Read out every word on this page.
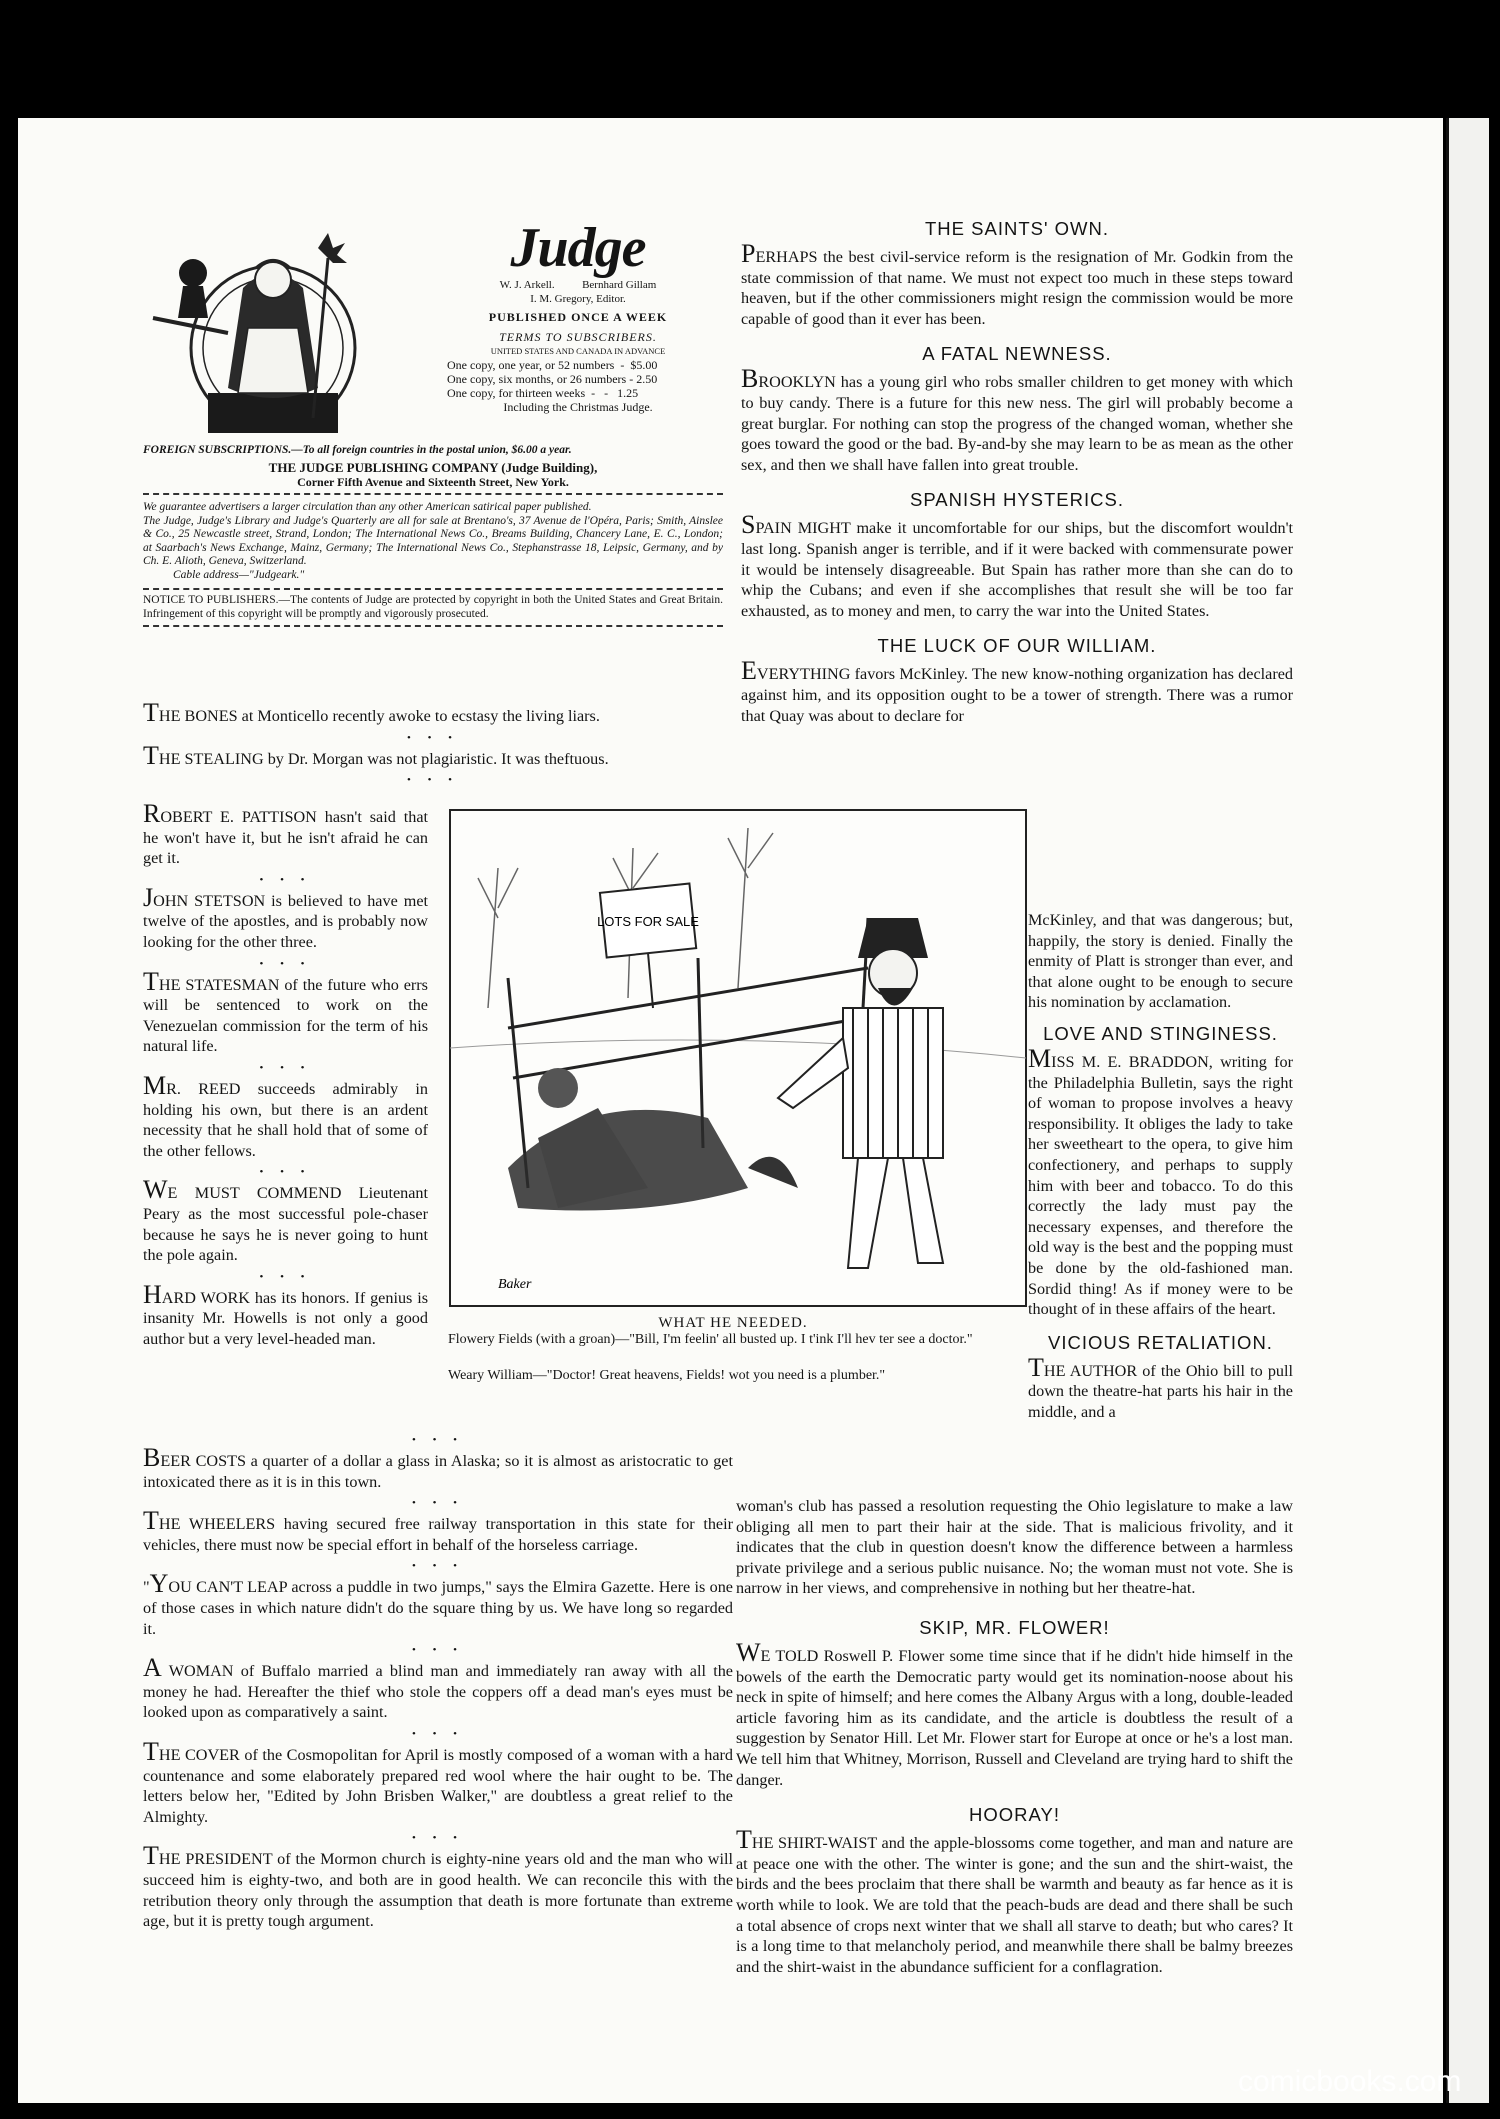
Judge
W. J. Arkell.          Bernhard Gillam
I. M. Gregory, Editor.
PUBLISHED ONCE A WEEK
TERMS TO SUBSCRIBERS.
UNITED STATES AND CANADA IN ADVANCE
One copy, one year, or 52 numbers  -  $5.00
One copy, six months, or 26 numbers - 2.50
One copy, for thirteen weeks  -   -   1.25
Including the Christmas Judge.
FOREIGN SUBSCRIPTIONS.—To all foreign countries in the postal union, $6.00 a year.
THE JUDGE PUBLISHING COMPANY (Judge Building),
Corner Fifth Avenue and Sixteenth Street, New York.
We guarantee advertisers a larger circulation than any other American satirical paper published.
The Judge, Judge's Library and Judge's Quarterly are all for sale at Brentano's, 37 Avenue de l'Opéra, Paris; Smith, Ainslee & Co., 25 Newcastle street, Strand, London; The International News Co., Breams Building, Chancery Lane, E. C., London; at Saarbach's News Exchange, Mainz, Germany; The International News Co., Stephanstrasse 18, Leipsic, Germany, and by Ch. E. Alioth, Geneva, Switzerland.
Cable address—"Judgeark."
NOTICE TO PUBLISHERS.—The contents of Judge are protected by copyright in both the United States and Great Britain. Infringement of this copyright will be promptly and vigorously prosecuted.

THE BONES at Monticello recently awoke to ecstasy the living liars.

• • •

THE STEALING by Dr. Morgan was not plagiaristic. It was theftuous.

• • •

ROBERT E. PATTISON hasn't said that he won't have it, but he isn't afraid he can get it.

• • •

JOHN STETSON is believed to have met twelve of the apostles, and is probably now looking for the other three.

• • •

THE STATESMAN of the future who errs will be sentenced to work on the Venezuelan commission for the term of his natural life.

• • •

MR. REED succeeds admirably in holding his own, but there is an ardent necessity that he shall hold that of some of the other fellows.

• • •

WE MUST COMMEND Lieutenant Peary as the most successful pole-chaser because he says he is never going to hunt the pole again.

• • •

HARD WORK has its honors. If genius is insanity Mr. Howells is not only a good author but a very level-headed man.

LOTS FOR SALE
Baker
WHAT HE NEEDED.
Flowery Fields (with a groan)—"Bill, I'm feelin' all busted up. I t'ink I'll hev ter see a doctor."
Weary William—"Doctor! Great heavens, Fields! wot you need is a plumber."
• • •

BEER COSTS a quarter of a dollar a glass in Alaska; so it is almost as aristocratic to get intoxicated there as it is in this town.

• • •

THE WHEELERS having secured free railway transportation in this state for their vehicles, there must now be special effort in behalf of the horseless carriage.

• • •

"YOU CAN'T LEAP across a puddle in two jumps," says the Elmira Gazette. Here is one of those cases in which nature didn't do the square thing by us. We have long so regarded it.

• • •

A WOMAN of Buffalo married a blind man and immediately ran away with all the money he had. Hereafter the thief who stole the coppers off a dead man's eyes must be looked upon as comparatively a saint.

• • •

THE COVER of the Cosmopolitan for April is mostly composed of a woman with a hard countenance and some elaborately prepared red wool where the hair ought to be. The letters below her, "Edited by John Brisben Walker," are doubtless a great relief to the Almighty.

• • •

THE PRESIDENT of the Mormon church is eighty-nine years old and the man who will succeed him is eighty-two, and both are in good health. We can reconcile this with the retribution theory only through the assumption that death is more fortunate than extreme age, but it is pretty tough argument.

THE SAINTS' OWN.

PERHAPS the best civil-service reform is the resignation of Mr. Godkin from the state commission of that name. We must not expect too much in these steps toward heaven, but if the other commissioners might resign the commission would be more capable of good than it ever has been.

A FATAL NEWNESS.

BROOKLYN has a young girl who robs smaller children to get money with which to buy candy. There is a future for this new ness. The girl will probably become a great burglar. For nothing can stop the progress of the changed woman, whether she goes toward the good or the bad. By-and-by she may learn to be as mean as the other sex, and then we shall have fallen into great trouble.

SPANISH HYSTERICS.

SPAIN MIGHT make it uncomfortable for our ships, but the discomfort wouldn't last long. Spanish anger is terrible, and if it were backed with commensurate power it would be intensely disagreeable. But Spain has rather more than she can do to whip the Cubans; and even if she accomplishes that result she will be too far exhausted, as to money and men, to carry the war into the United States.

THE LUCK OF OUR WILLIAM.

EVERYTHING favors McKinley. The new know-nothing organization has declared against him, and its opposition ought to be a tower of strength. There was a rumor that Quay was about to declare for

McKinley, and that was dangerous; but, happily, the story is denied. Finally the enmity of Platt is stronger than ever, and that alone ought to be enough to secure his nomination by acclamation.

LOVE AND STINGINESS.

MISS M. E. BRADDON, writing for the Philadelphia Bulletin, says the right of woman to propose involves a heavy responsibility. It obliges the lady to take her sweetheart to the opera, to give him confectionery, and perhaps to supply him with beer and tobacco. To do this correctly the lady must pay the necessary expenses, and therefore the old way is the best and the popping must be done by the old-fashioned man. Sordid thing! As if money were to be thought of in these affairs of the heart.

VICIOUS RETALIATION.

THE AUTHOR of the Ohio bill to pull down the theatre-hat parts his hair in the middle, and a

woman's club has passed a resolution requesting the Ohio legislature to make a law obliging all men to part their hair at the side. That is malicious frivolity, and it indicates that the club in question doesn't know the difference between a harmless private privilege and a serious public nuisance. No; the woman must not vote. She is narrow in her views, and comprehensive in nothing but her theatre-hat.

SKIP, MR. FLOWER!

WE TOLD Roswell P. Flower some time since that if he didn't hide himself in the bowels of the earth the Democratic party would get its nomination-noose about his neck in spite of himself; and here comes the Albany Argus with a long, double-leaded article favoring him as its candidate, and the article is doubtless the result of a suggestion by Senator Hill. Let Mr. Flower start for Europe at once or he's a lost man. We tell him that Whitney, Morrison, Russell and Cleveland are trying hard to shift the danger.

HOORAY!

THE SHIRT-WAIST and the apple-blossoms come together, and man and nature are at peace one with the other. The winter is gone; and the sun and the shirt-waist, the birds and the bees proclaim that there shall be warmth and beauty as far hence as it is worth while to look. We are told that the peach-buds are dead and there shall be such a total absence of crops next winter that we shall all starve to death; but who cares? It is a long time to that melancholy period, and meanwhile there shall be balmy breezes and the shirt-waist in the abundance sufficient for a conflagration.

comicbooks.com
